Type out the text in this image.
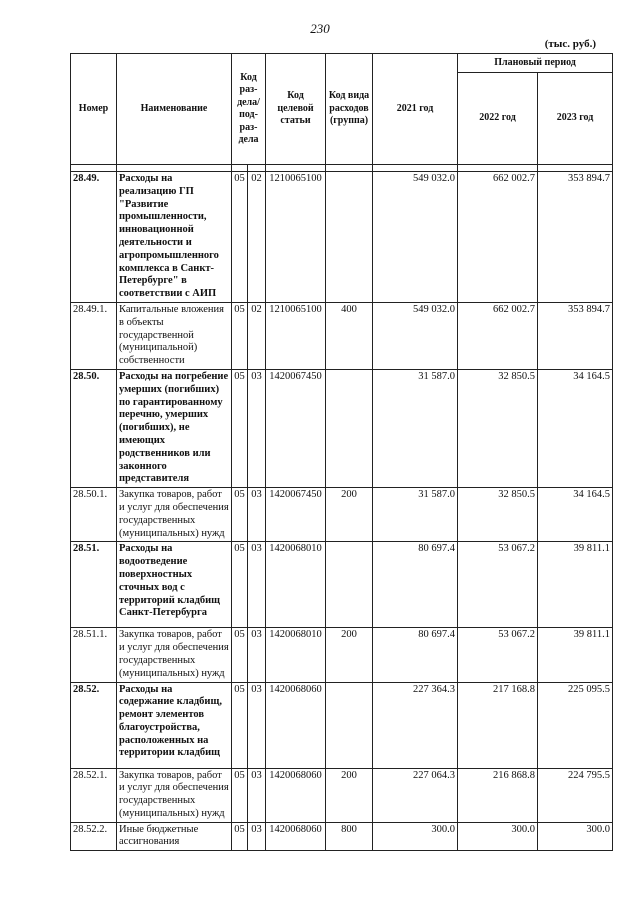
230
(тыс. руб.)
Номер	Наименование	Код раз-дела/ под-раз-дела		Код целевой статьи	Код вида расходов (группа)	2021 год	Плановый период	
							2022 год	2023 год

28.49.	Расходы на реализацию ГП "Развитие промышленности, инновационной деятельности и агропромышленного комплекса в Санкт-Петербурге" в соответствии с АИП	05	02	1210065100		549 032.0	662 002.7	353 894.7
28.49.1.	Капитальные вложения в объекты государственной (муниципальной) собственности	05	02	1210065100	400	549 032.0	662 002.7	353 894.7
28.50.	Расходы на погребение умерших (погибших) по гарантированному перечню, умерших (погибших), не имеющих родственников или законного представителя	05	03	1420067450		31 587.0	32 850.5	34 164.5
28.50.1.	Закупка товаров, работ и услуг для обеспечения государственных (муниципальных) нужд	05	03	1420067450	200	31 587.0	32 850.5	34 164.5
28.51.	Расходы на водоотведение поверхностных сточных вод с территорий кладбищ Санкт-Петербурга	05	03	1420068010		80 697.4	53 067.2	39 811.1
28.51.1.	Закупка товаров, работ и услуг для обеспечения государственных (муниципальных) нужд	05	03	1420068010	200	80 697.4	53 067.2	39 811.1
28.52.	Расходы на содержание кладбищ, ремонт элементов благоустройства, расположенных на территории кладбищ	05	03	1420068060		227 364.3	217 168.8	225 095.5
28.52.1.	Закупка товаров, работ и услуг для обеспечения государственных (муниципальных) нужд	05	03	1420068060	200	227 064.3	216 868.8	224 795.5
28.52.2.	Иные бюджетные ассигнования	05	03	1420068060	800	300.0	300.0	300.0
